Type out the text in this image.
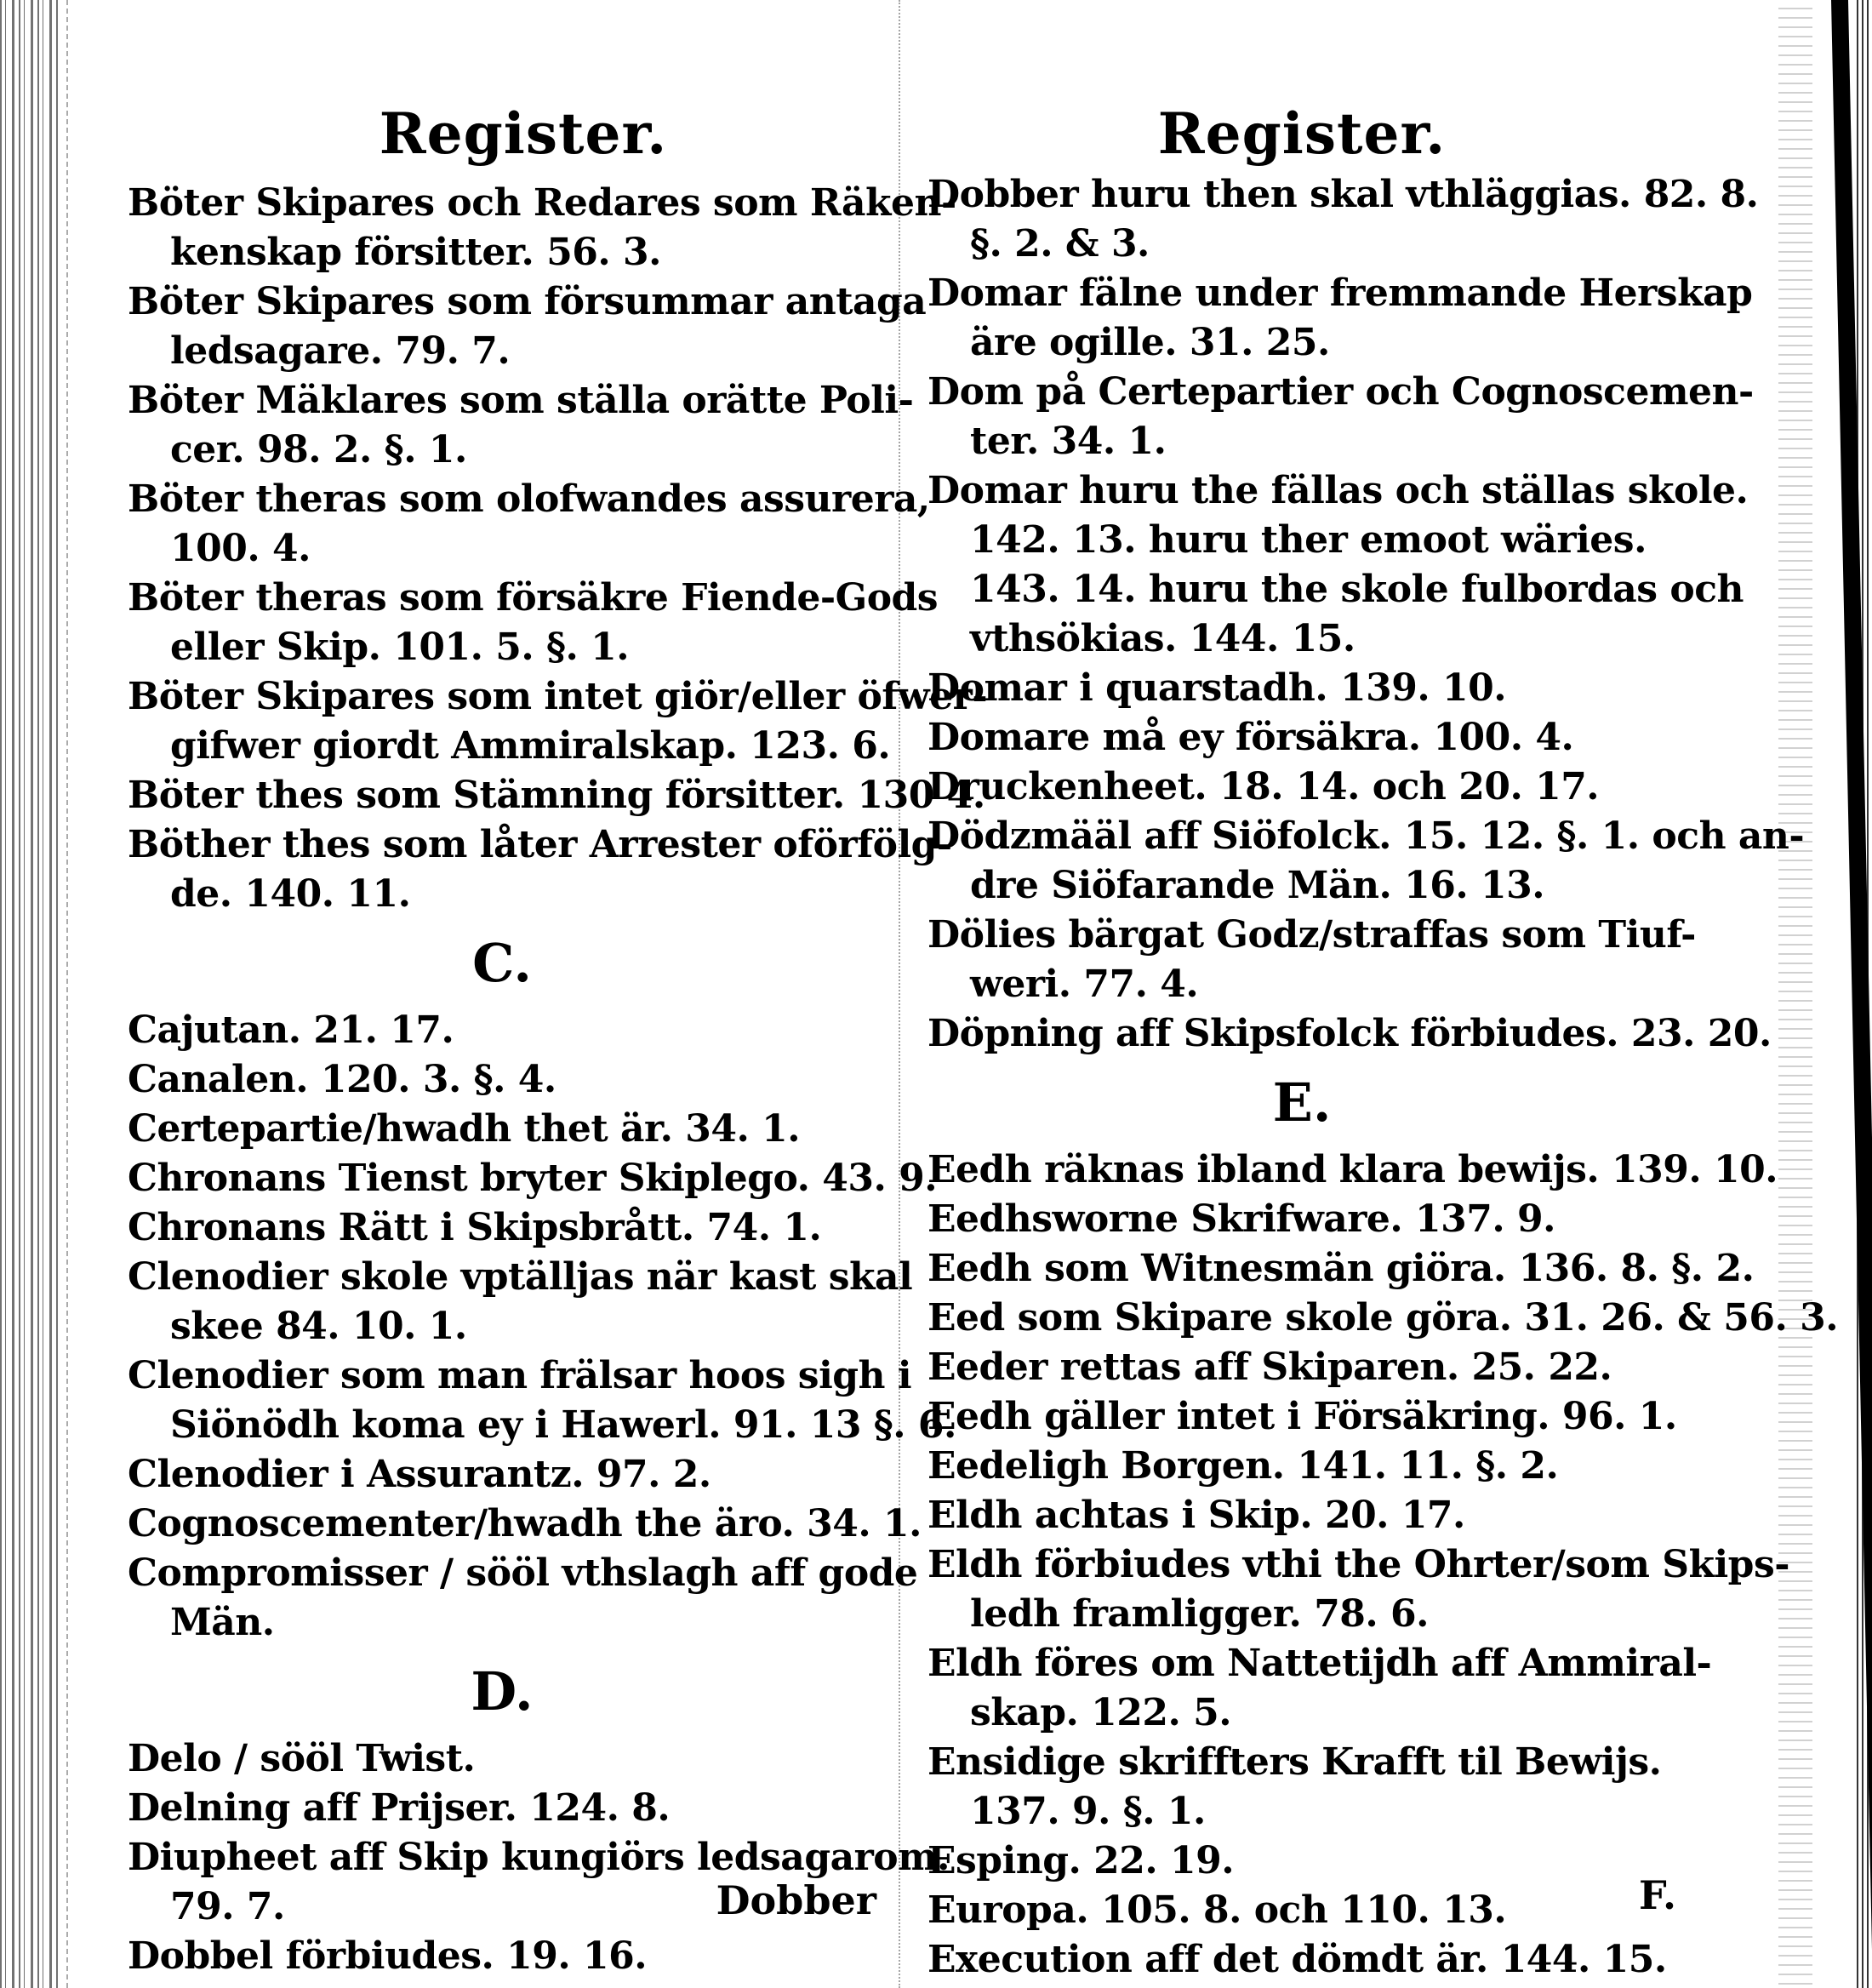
Register.
Böter Skipares och Redares som Räken-
kenskap försitter. 56. 3.
Böter Skipares som försummar antaga
ledsagare. 79. 7.
Böter Mäklares som ställa orätte Poli-
cer. 98. 2. §. 1.
Böter theras som olofwandes assurera,
100. 4.
Böter theras som försäkre Fiende-Gods
eller Skip. 101. 5. §. 1.
Böter Skipares som intet giör/eller öfwer-
gifwer giordt Ammiralskap. 123. 6.
Böter thes som Stämning försitter. 130 4.
Böther thes som låter Arrester oförfölg-
de. 140. 11.
C.
Cajutan. 21. 17.
Canalen. 120. 3. §. 4.
Certepartie/hwadh thet är. 34. 1.
Chronans Tienst bryter Skiplego. 43. 9.
Chronans Rätt i Skipsbrått. 74. 1.
Clenodier skole vptälljas när kast skal
skee 84. 10. 1.
Clenodier som man frälsar hoos sigh i
Siönödh koma ey i Hawerl. 91. 13 §. 6.
Clenodier i Assurantz. 97. 2.
Cognoscementer/hwadh the äro. 34. 1.
Compromisser / sööl vthslagh aff gode
Män.
D.
Delo / sööl Twist.
Delning aff Prijser. 124. 8.
Diupheet aff Skip kungiörs ledsagarom.
79. 7.
Dobbel förbiudes. 19. 16.
Dobber
Register.
Dobber huru then skal vthläggias. 82. 8.
§. 2. & 3.
Domar fälne under fremmande Herskap
äre ogille. 31. 25.
Dom på Certepartier och Cognoscemen-
ter. 34. 1.
Domar huru the fällas och ställas skole.
142. 13. huru ther emoot wäries.
143. 14. huru the skole fulbordas och
vthsökias. 144. 15.
Domar i quarstadh. 139. 10.
Domare må ey försäkra. 100. 4.
Druckenheet. 18. 14. och 20. 17.
Dödzmääl aff Siöfolck. 15. 12. §. 1. och an-
dre Siöfarande Män. 16. 13.
Dölies bärgat Godz/straffas som Tiuf-
weri. 77. 4.
Döpning aff Skipsfolck förbiudes. 23. 20.
E.
Eedh räknas ibland klara bewijs. 139. 10.
Eedhsworne Skrifware. 137. 9.
Eedh som Witnesmän giöra. 136. 8. §. 2.
Eed som Skipare skole göra. 31. 26. & 56. 3.
Eeder rettas aff Skiparen. 25. 22.
Eedh gäller intet i Försäkring. 96. 1.
Eedeligh Borgen. 141. 11. §. 2.
Eldh achtas i Skip. 20. 17.
Eldh förbiudes vthi the Ohrter/som Skips-
ledh framligger. 78. 6.
Eldh föres om Nattetijdh aff Ammiral-
skap. 122. 5.
Ensidige skriffters Krafft til Bewijs.
137. 9. §. 1.
Esping. 22. 19.
Europa. 105. 8. och 110. 13.
Execution aff det dömdt är. 144. 15.
F.
